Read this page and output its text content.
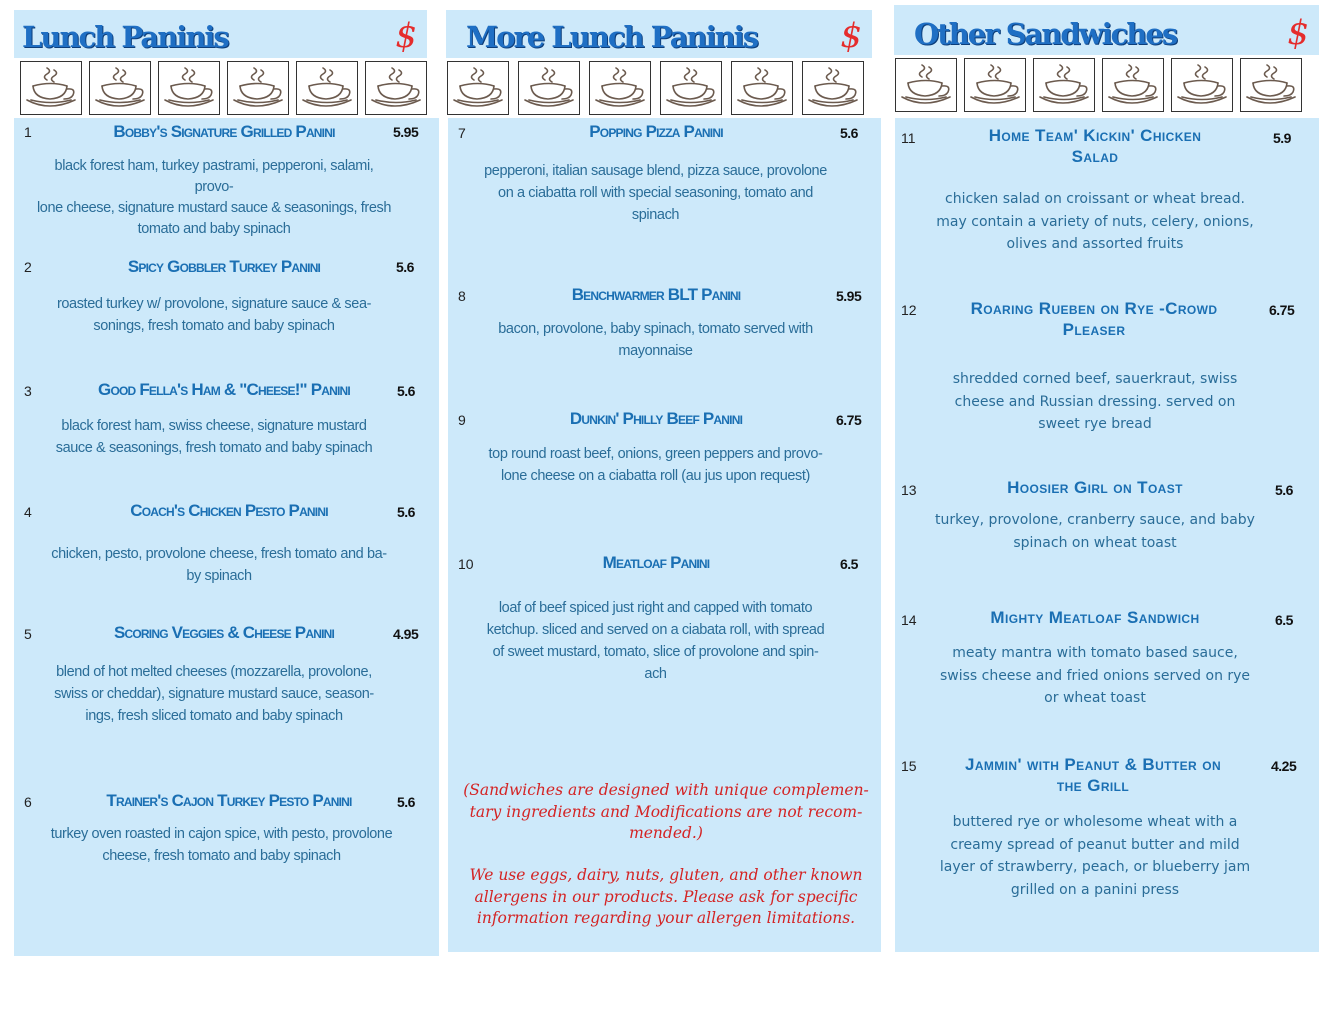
Lunch Paninis	$
1	Bobby's Signature Grilled Panini	5.95
black forest ham, turkey pastrami, pepperoni, salami, provo-
lone cheese, signature mustard sauce & seasonings, fresh
tomato and baby spinach
2	Spicy Gobbler Turkey Panini	5.6
roasted turkey w/ provolone, signature sauce & sea-
sonings, fresh tomato and baby spinach
3	Good Fella's Ham & "Cheese!" Panini	5.6
black forest ham, swiss cheese, signature mustard
sauce & seasonings, fresh tomato and baby spinach
4	Coach's Chicken Pesto Panini	5.6
chicken, pesto, provolone cheese, fresh tomato and ba-
by spinach
5	Scoring Veggies & Cheese Panini	4.95
blend of hot melted cheeses (mozzarella, provolone,
swiss or cheddar), signature mustard sauce, season-
ings, fresh sliced tomato and baby spinach
6	Trainer's Cajon Turkey Pesto Panini	5.6
turkey oven roasted in cajon spice, with pesto, provolone
cheese, fresh tomato and baby spinach
More Lunch Paninis $
7	Popping Pizza Panini	5.6
pepperoni, italian sausage blend, pizza sauce, provolone
on a ciabatta roll with special seasoning, tomato and
spinach
8	Benchwarmer BLT Panini	5.95
bacon, provolone, baby spinach, tomato served with
mayonnaise
9	Dunkin' Philly Beef Panini	6.75
top round roast beef, onions, green peppers and provo-
lone cheese on a ciabatta roll (au jus upon request)
10	Meatloaf Panini	6.5
loaf of beef spiced just right and capped with tomato
ketchup. sliced and served on a ciabata roll, with spread
of sweet mustard, tomato, slice of provolone and spin-
ach
(Sandwiches are designed with unique complemen-
tary ingredients and Modifications are not recom-
mended.)
We use eggs, dairy, nuts, gluten, and other known
allergens in our products. Please ask for specific
information regarding your allergen limitations.
Other Sandwiches	$
11	Home Team' Kickin' Chicken
Salad
5.9
chicken salad on croissant or wheat bread.
may contain a variety of nuts, celery, onions,
olives and assorted fruits
12	Roaring Rueben on Rye -Crowd
Pleaser
6.75
shredded corned beef, sauerkraut, swiss
cheese and Russian dressing. served on
sweet rye bread
13	Hoosier Girl on Toast	5.6
turkey, provolone, cranberry sauce, and baby
spinach on wheat toast
14	Mighty Meatloaf Sandwich	6.5
meaty mantra with tomato based sauce,
swiss cheese and fried onions served on rye
or wheat toast
15	Jammin' with Peanut & Butter on
the Grill
4.25
buttered rye or wholesome wheat with a
creamy spread of peanut butter and mild
layer of strawberry, peach, or blueberry jam
grilled on a panini press
